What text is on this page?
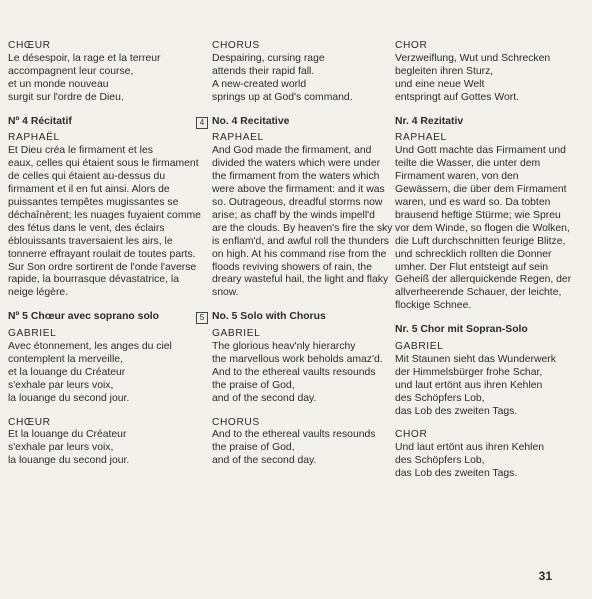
CHŒUR
Le désespoir, la rage et la terreur
accompagnent leur course,
et un monde nouveau
surgit sur l'ordre de Dieu.
Nº 4 Récitatif
RAPHAËL
Et Dieu créa le firmament et les
eaux, celles qui étaient sous le firmament
de celles qui étaient au-dessus du
firmament et il en fut ainsi. Alors de
puissantes tempêtes mugissantes se
déchaînèrent; les nuages fuyaient comme
des fétus dans le vent, des éclairs
éblouissants traversaient les airs, le
tonnerre effrayant roulait de toutes parts.
Sur Son ordre sortirent de l'onde l'averse
rapide, la bourrasque dévastatrice, la
neige légère.
Nº 5 Chœur avec soprano solo
GABRIEL
Avec étonnement, les anges du ciel
contemplent la merveille,
et la louange du Créateur
s'exhale par leurs voix,
la louange du second jour.
CHŒUR
Et la louange du Créateur
s'exhale par leurs voix,
la louange du second jour.
CHORUS
Despairing, cursing rage
attends their rapid fall.
A new-created world
springs up at God's command.
4 No. 4 Recitative
RAPHAEL
And God made the firmament, and
divided the waters which were under
the firmament from the waters which
were above the firmament: and it was
so. Outrageous, dreadful storms now
arise; as chaff by the winds impell'd
are the clouds. By heaven's fire the sky
is enflam'd, and awful roll the thunders
on high. At his command rise from the
floods reviving showers of rain, the
dreary wasteful hail, the light and flaky
snow.
5 No. 5 Solo with Chorus
GABRIEL
The glorious heav'nly hierarchy
the marvellous work beholds amaz'd.
And to the ethereal vaults resounds
the praise of God,
and of the second day.
CHORUS
And to the ethereal vaults resounds
the praise of God,
and of the second day.
CHOR
Verzweiflung, Wut und Schrecken
begleiten ihren Sturz,
und eine neue Welt
entspringt auf Gottes Wort.
Nr. 4 Rezitativ
RAPHAEL
Und Gott machte das Firmament und
teilte die Wasser, die unter dem
Firmament waren, von den
Gewässern, die über dem Firmament
waren, und es ward so. Da tobten
brausend heftige Stürme; wie Spreu
vor dem Winde, so flogen die Wolken,
die Luft durchschnitten feurige Blitze,
und schrecklich rollten die Donner
umher. Der Flut entsteigt auf sein
Geheiß der allerquickende Regen, der
allverheerende Schauer, der leichte,
flockige Schnee.
Nr. 5 Chor mit Sopran-Solo
GABRIEL
Mit Staunen sieht das Wunderwerk
der Himmelsbürger frohe Schar,
und laut ertönt aus ihren Kehlen
des Schöpfers Lob,
das Lob des zweiten Tags.
CHOR
Und laut ertönt aus ihren Kehlen
des Schöpfers Lob,
das Lob des zweiten Tags.
31
